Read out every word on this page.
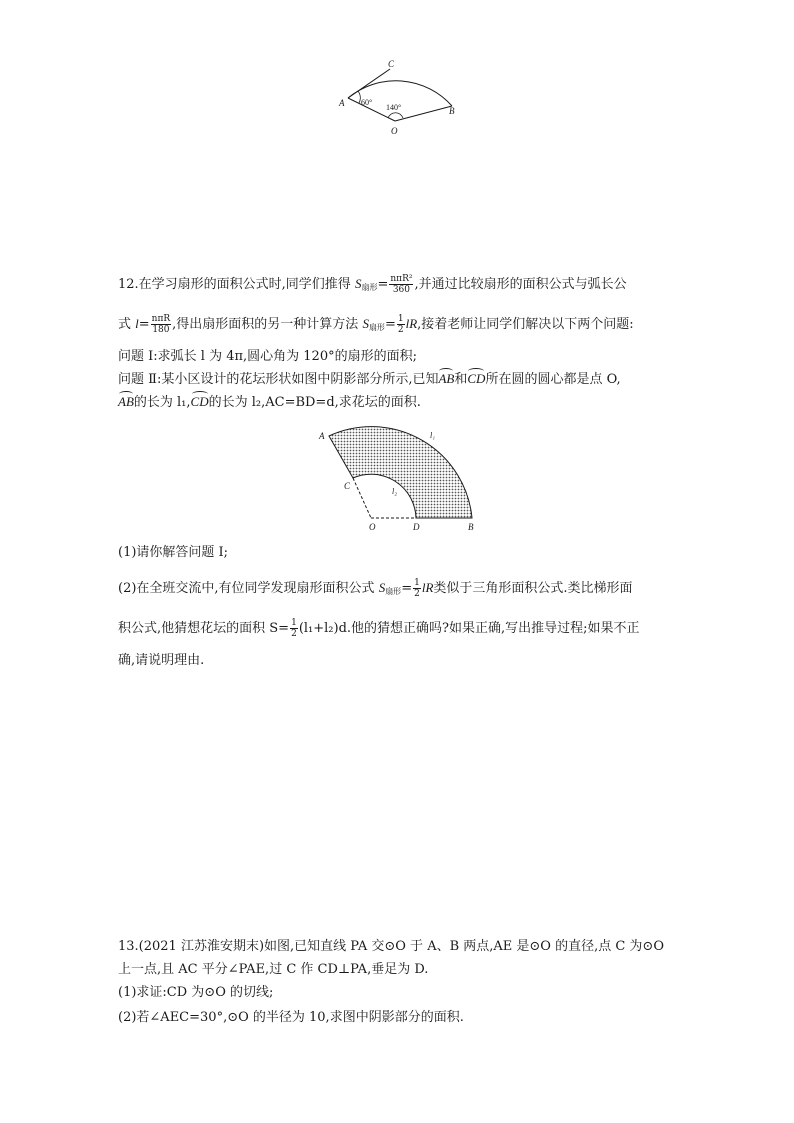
A
C
B
O
60°
140°
12.在学习扇形的面积公式时,同学们推得 $S_{扇形}= \frac{\text{nπR²}}{360}$ ,并通过比较扇形的面积公式与弧长公
式 $l= \frac{\text{nπR}}{180}$ ,得出扇形面积的另一种计算方法 $S_{扇形}= \frac{1}{2}$ lR,接着老师让同学们解决以下两个问题:
问题 Ⅰ:求弧长 l 为 4π,圆心角为 120°的扇形的面积;
问题 Ⅱ:某小区设计的花坛形状如图中阴影部分所示,已知AB和CD所在圆的圆心都是点 O,
AB的长为 l₁,CD的长为 l₂,AC=BD=d,求花坛的面积.
A	l₁
C
l₂
O	D	B
(1)请你解答问题 Ⅰ;
(2)在全班交流中,有位同学发现扇形面积公式 $S_{扇形}= \frac{1}{2}$ lR类似于三角形面积公式.类比梯形面
积公式,他猜想花坛的面积 $S= \frac{1}{2} (l_1+l_2)d$.他的猜想正确吗?如果正确,写出推导过程;如果不正
确,请说明理由.
13.(2021 江苏淮安期末)如图,已知直线 PA 交⊙O 于 A、B 两点,AE 是⊙O 的直径,点 C 为⊙O
上一点,且 AC 平分∠PAE,过 C 作 CD⊥PA,垂足为 D.
(1)求证:CD 为⊙O 的切线;
(2)若∠AEC=30°,⊙O 的半径为 10,求图中阴影部分的面积.
